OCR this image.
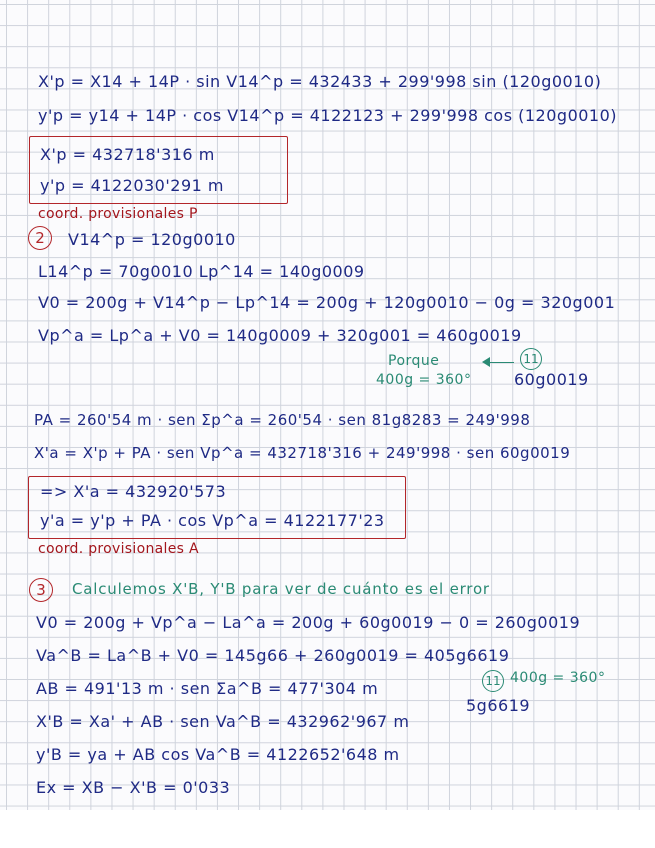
X'p = X14 + 14P · sin V14^p = 432433 + 299'998 sin (120g0010)
y'p = y14 + 14P · cos V14^p = 4122123 + 299'998 cos (120g0010)
X'p = 432718'316 m
y'p = 4122030'291 m
coord. provisionales P
2	V14^p = 120g0010
L14^p = 70g0010 Lp^14 = 140g0009
V0 = 200g + V14^p − Lp^14 = 200g + 120g0010 − 0g = 320g001
Vp^a = Lp^a + V0 = 140g0009 + 320g001 = 460g0019
Porque	11
400g = 360°	60g0019
PA = 260'54 m · sen Σp^a = 260'54 · sen 81g8283 = 249'998
X'a = X'p + PA · sen Vp^a = 432718'316 + 249'998 · sen 60g0019
=> X'a = 432920'573
y'a = y'p + PA · cos Vp^a = 4122177'23
coord. provisionales A
3	Calculemos X'B, Y'B para ver de cuánto es el error
V0 = 200g + Vp^a − La^a = 200g + 60g0019 − 0 = 260g0019
Va^B = La^B + V0 = 145g66 + 260g0019 = 405g6619
AB = 491'13 m · sen Σa^B = 477'304 m	11 400g = 360°
5g6619
X'B = Xa' + AB · sen Va^B = 432962'967 m
y'B = ya + AB cos Va^B = 4122652'648 m
Ex = XB − X'B = 0'033
